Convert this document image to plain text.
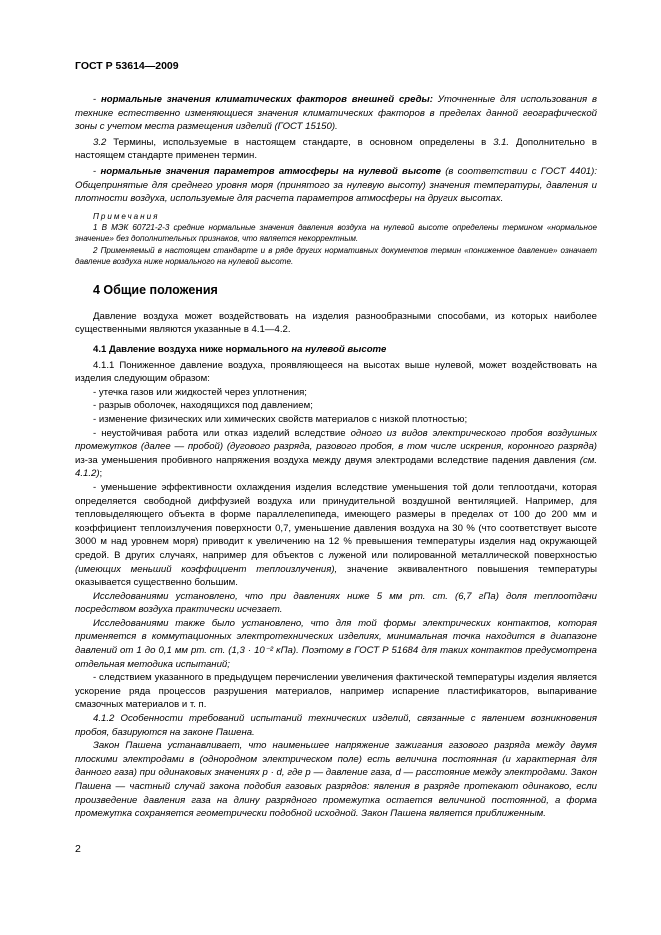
ГОСТ Р 53614—2009

- нормальные значения климатических факторов внешней среды: Уточненные для использования в технике естественно изменяющиеся значения климатических факторов в пределах данной географической зоны с учетом места размещения изделий (ГОСТ 15150).

3.2 Термины, используемые в настоящем стандарте, в основном определены в 3.1. Дополнительно в настоящем стандарте применен термин.

- нормальные значения параметров атмосферы на нулевой высоте (в соответствии с ГОСТ 4401): Общепринятые для среднего уровня моря (принятого за нулевую высоту) значения температуры, давления и плотности воздуха, используемые для расчета параметров атмосферы на других высотах.

Примечания

1 В МЭК 60721-2-3 средние нормальные значения давления воздуха на нулевой высоте определены термином «нормальное значение» без дополнительных признаков, что является некорректным.

2 Применяемый в настоящем стандарте и в ряде других нормативных документов термин «пониженное давление» означает давление воздуха ниже нормального на нулевой высоте.

4 Общие положения

Давление воздуха может воздействовать на изделия разнообразными способами, из которых наиболее существенными являются указанные в 4.1—4.2.

4.1 Давление воздуха ниже нормального на нулевой высоте

4.1.1 Пониженное давление воздуха, проявляющееся на высотах выше нулевой, может воздействовать на изделия следующим образом:

- утечка газов или жидкостей через уплотнения;

- разрыв оболочек, находящихся под давлением;

- изменение физических или химических свойств материалов с низкой плотностью;

- неустойчивая работа или отказ изделий вследствие одного из видов электрического пробоя воздушных промежутков (далее — пробой) (дугового разряда, разового пробоя, в том числе искрения, коронного разряда) из-за уменьшения пробивного напряжения воздуха между двумя электродами вследствие падения давления (см. 4.1.2);

- уменьшение эффективности охлаждения изделия вследствие уменьшения той доли теплоотдачи, которая определяется свободной диффузией воздуха или принудительной воздушной вентиляцией. Например, для тепловыделяющего объекта в форме параллелепипеда, имеющего размеры в пределах от 100 до 200 мм и коэффициент теплоизлучения поверхности 0,7, уменьшение давления воздуха на 30 % (что соответствует высоте 3000 м над уровнем моря) приводит к увеличению на 12 % превышения температуры изделия над окружающей средой. В других случаях, например для объектов с луженой или полированной металлической поверхностью (имеющих меньший коэффициент теплоизлучения), значение эквивалентного повышения температуры оказывается существенно большим.

Исследованиями установлено, что при давлениях ниже 5 мм рт. ст. (6,7 гПа) доля теплоотдачи посредством воздуха практически исчезает.

Исследованиями также было установлено, что для той формы электрических контактов, которая применяется в коммутационных электротехнических изделиях, минимальная точка находится в диапазоне давлений от 1 до 0,1 мм рт. ст. (1,3 · 10⁻² кПа). Поэтому в ГОСТ Р 51684 для таких контактов предусмотрена отдельная методика испытаний;

- следствием указанного в предыдущем перечислении увеличения фактической температуры изделия является ускорение ряда процессов разрушения материалов, например испарение пластификаторов, выпаривание смазочных материалов и т. п.

4.1.2 Особенности требований испытаний технических изделий, связанные с явлением возникновения пробоя, базируются на законе Пашена.

Закон Пашена устанавливает, что наименьшее напряжение зажигания газового разряда между двумя плоскими электродами в (однородном электрическом поле) есть величина постоянная (и характерная для данного газа) при одинаковых значениях p · d, где p — давление газа, d — расстояние между электродами. Закон Пашена — частный случай закона подобия газовых разрядов: явления в разряде протекают одинаково, если произведение давления газа на длину разрядного промежутка остается величиной постоянной, а форма промежутка сохраняется геометрически подобной исходной. Закон Пашена является приближенным.

2
